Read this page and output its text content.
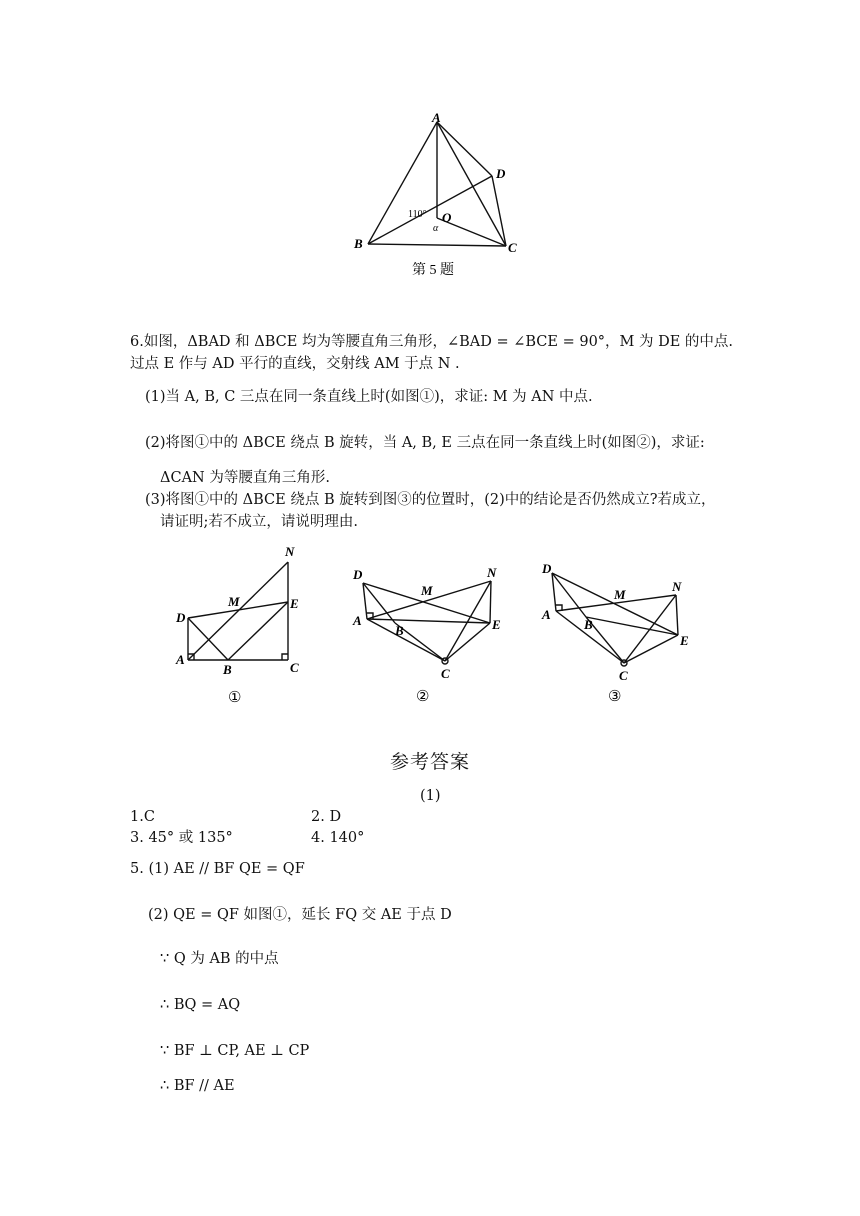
A
D
O
110°
α
B	C
第 5 题
6.如图，ΔBAD 和 ΔBCE 均为等腰直角三角形，∠BAD = ∠BCE = 90°，M 为 DE 的中点.
过点 E 作与 AD 平行的直线，交射线 AM 于点 N .
(1)当 A, B, C 三点在同一条直线上时(如图①)，求证: M 为 AN 中点.
(2)将图①中的 ΔBCE 绕点 B 旋转，当 A, B, E 三点在同一条直线上时(如图②)，求证:
ΔCAN 为等腰直角三角形.
(3)将图①中的 ΔBCE 绕点 B 旋转到图③的位置时，(2)中的结论是否仍然成立?若成立，
请证明;若不成立，请说明理由.
N
M	E
D
A
B	C
①
D	N
M
A
B	E
C
②
D
N
M
A
B
E
C
③
参考答案
(1)
1.C	2. D
3. 45° 或 135°	4. 140°
5. (1) AE // BF QE = QF
(2) QE = QF 如图①，延长 FQ 交 AE 于点 D
∵ Q 为 AB 的中点
∴ BQ = AQ
∵ BF ⊥ CP, AE ⊥ CP
∴ BF // AE
